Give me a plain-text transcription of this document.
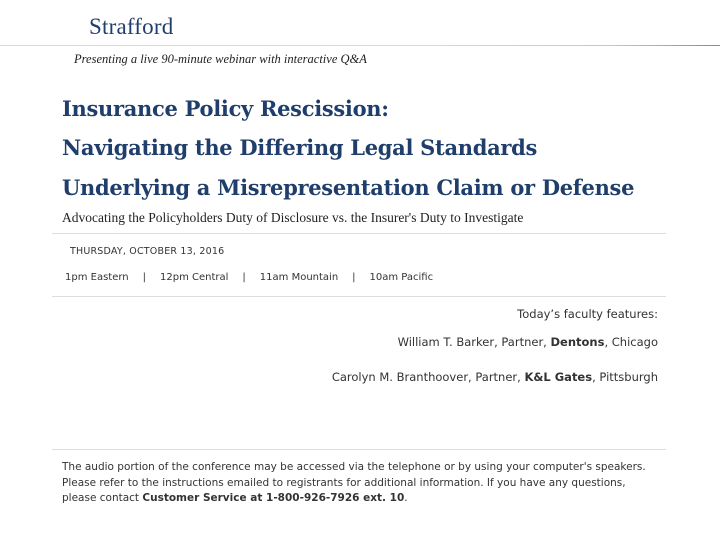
Strafford
Presenting a live 90-minute webinar with interactive Q&A
Insurance Policy Rescission:
Navigating the Differing Legal Standards
Underlying a Misrepresentation Claim or Defense
Advocating the Policyholders Duty of Disclosure vs. the Insurer's Duty to Investigate
THURSDAY, OCTOBER 13, 2016
1pm Eastern | 12pm Central | 11am Mountain | 10am Pacific
Today’s faculty features:
William T. Barker, Partner, Dentons, Chicago
Carolyn M. Branthoover, Partner, K&L Gates, Pittsburgh
The audio portion of the conference may be accessed via the telephone or by using your computer's speakers. Please refer to the instructions emailed to registrants for additional information. If you have any questions, please contact Customer Service at 1-800-926-7926 ext. 10.
